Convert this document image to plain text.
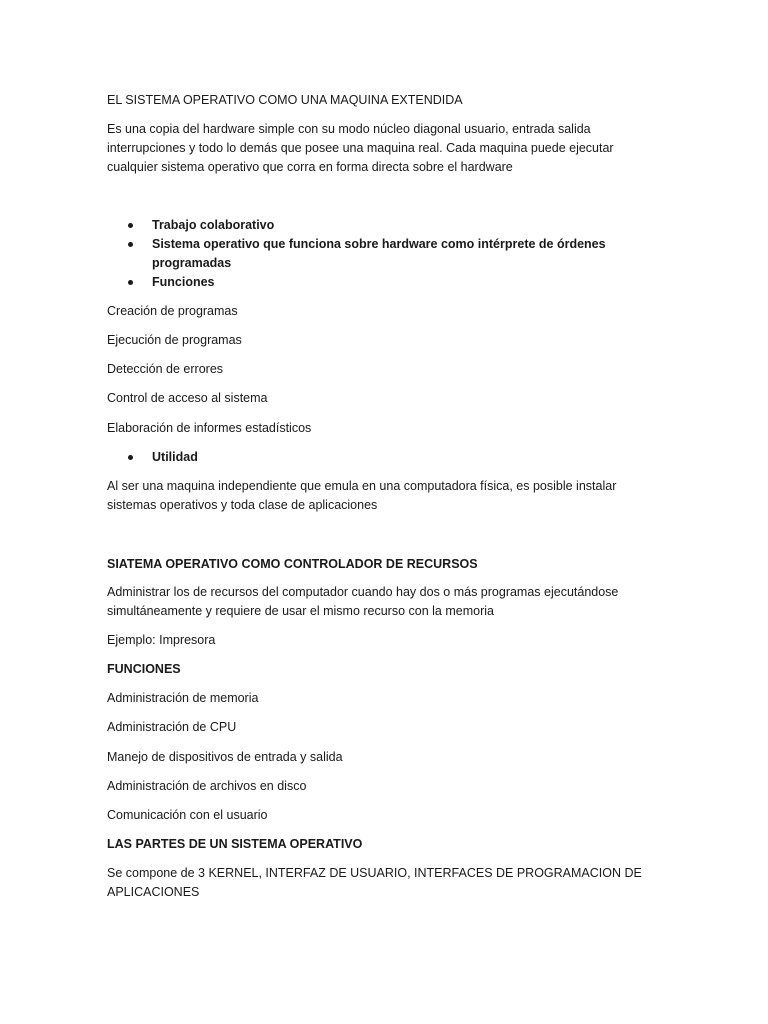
EL SISTEMA OPERATIVO COMO UNA MAQUINA EXTENDIDA

Es una copia del hardware simple con su modo núcleo diagonal usuario, entrada salida interrupciones y todo lo demás que posee una maquina real. Cada maquina puede ejecutar cualquier sistema operativo que corra en forma directa sobre el hardware

Trabajo colaborativo
Sistema operativo que funciona sobre hardware como intérprete de órdenes programadas
Funciones

Creación de programas

Ejecución de programas

Detección de errores

Control de acceso al sistema

Elaboración de informes estadísticos

Utilidad

Al ser una maquina independiente que emula en una computadora física, es posible instalar sistemas operativos y toda clase de aplicaciones

SIATEMA OPERATIVO COMO CONTROLADOR DE RECURSOS

Administrar los de recursos del computador cuando hay dos o más programas ejecutándose simultáneamente y requiere de usar el mismo recurso con la memoria

Ejemplo: Impresora

FUNCIONES

Administración de memoria

Administración de CPU

Manejo de dispositivos de entrada y salida

Administración de archivos en disco

Comunicación con el usuario

LAS PARTES DE UN SISTEMA OPERATIVO

Se compone de 3 KERNEL, INTERFAZ DE USUARIO, INTERFACES DE PROGRAMACION DE APLICACIONES
